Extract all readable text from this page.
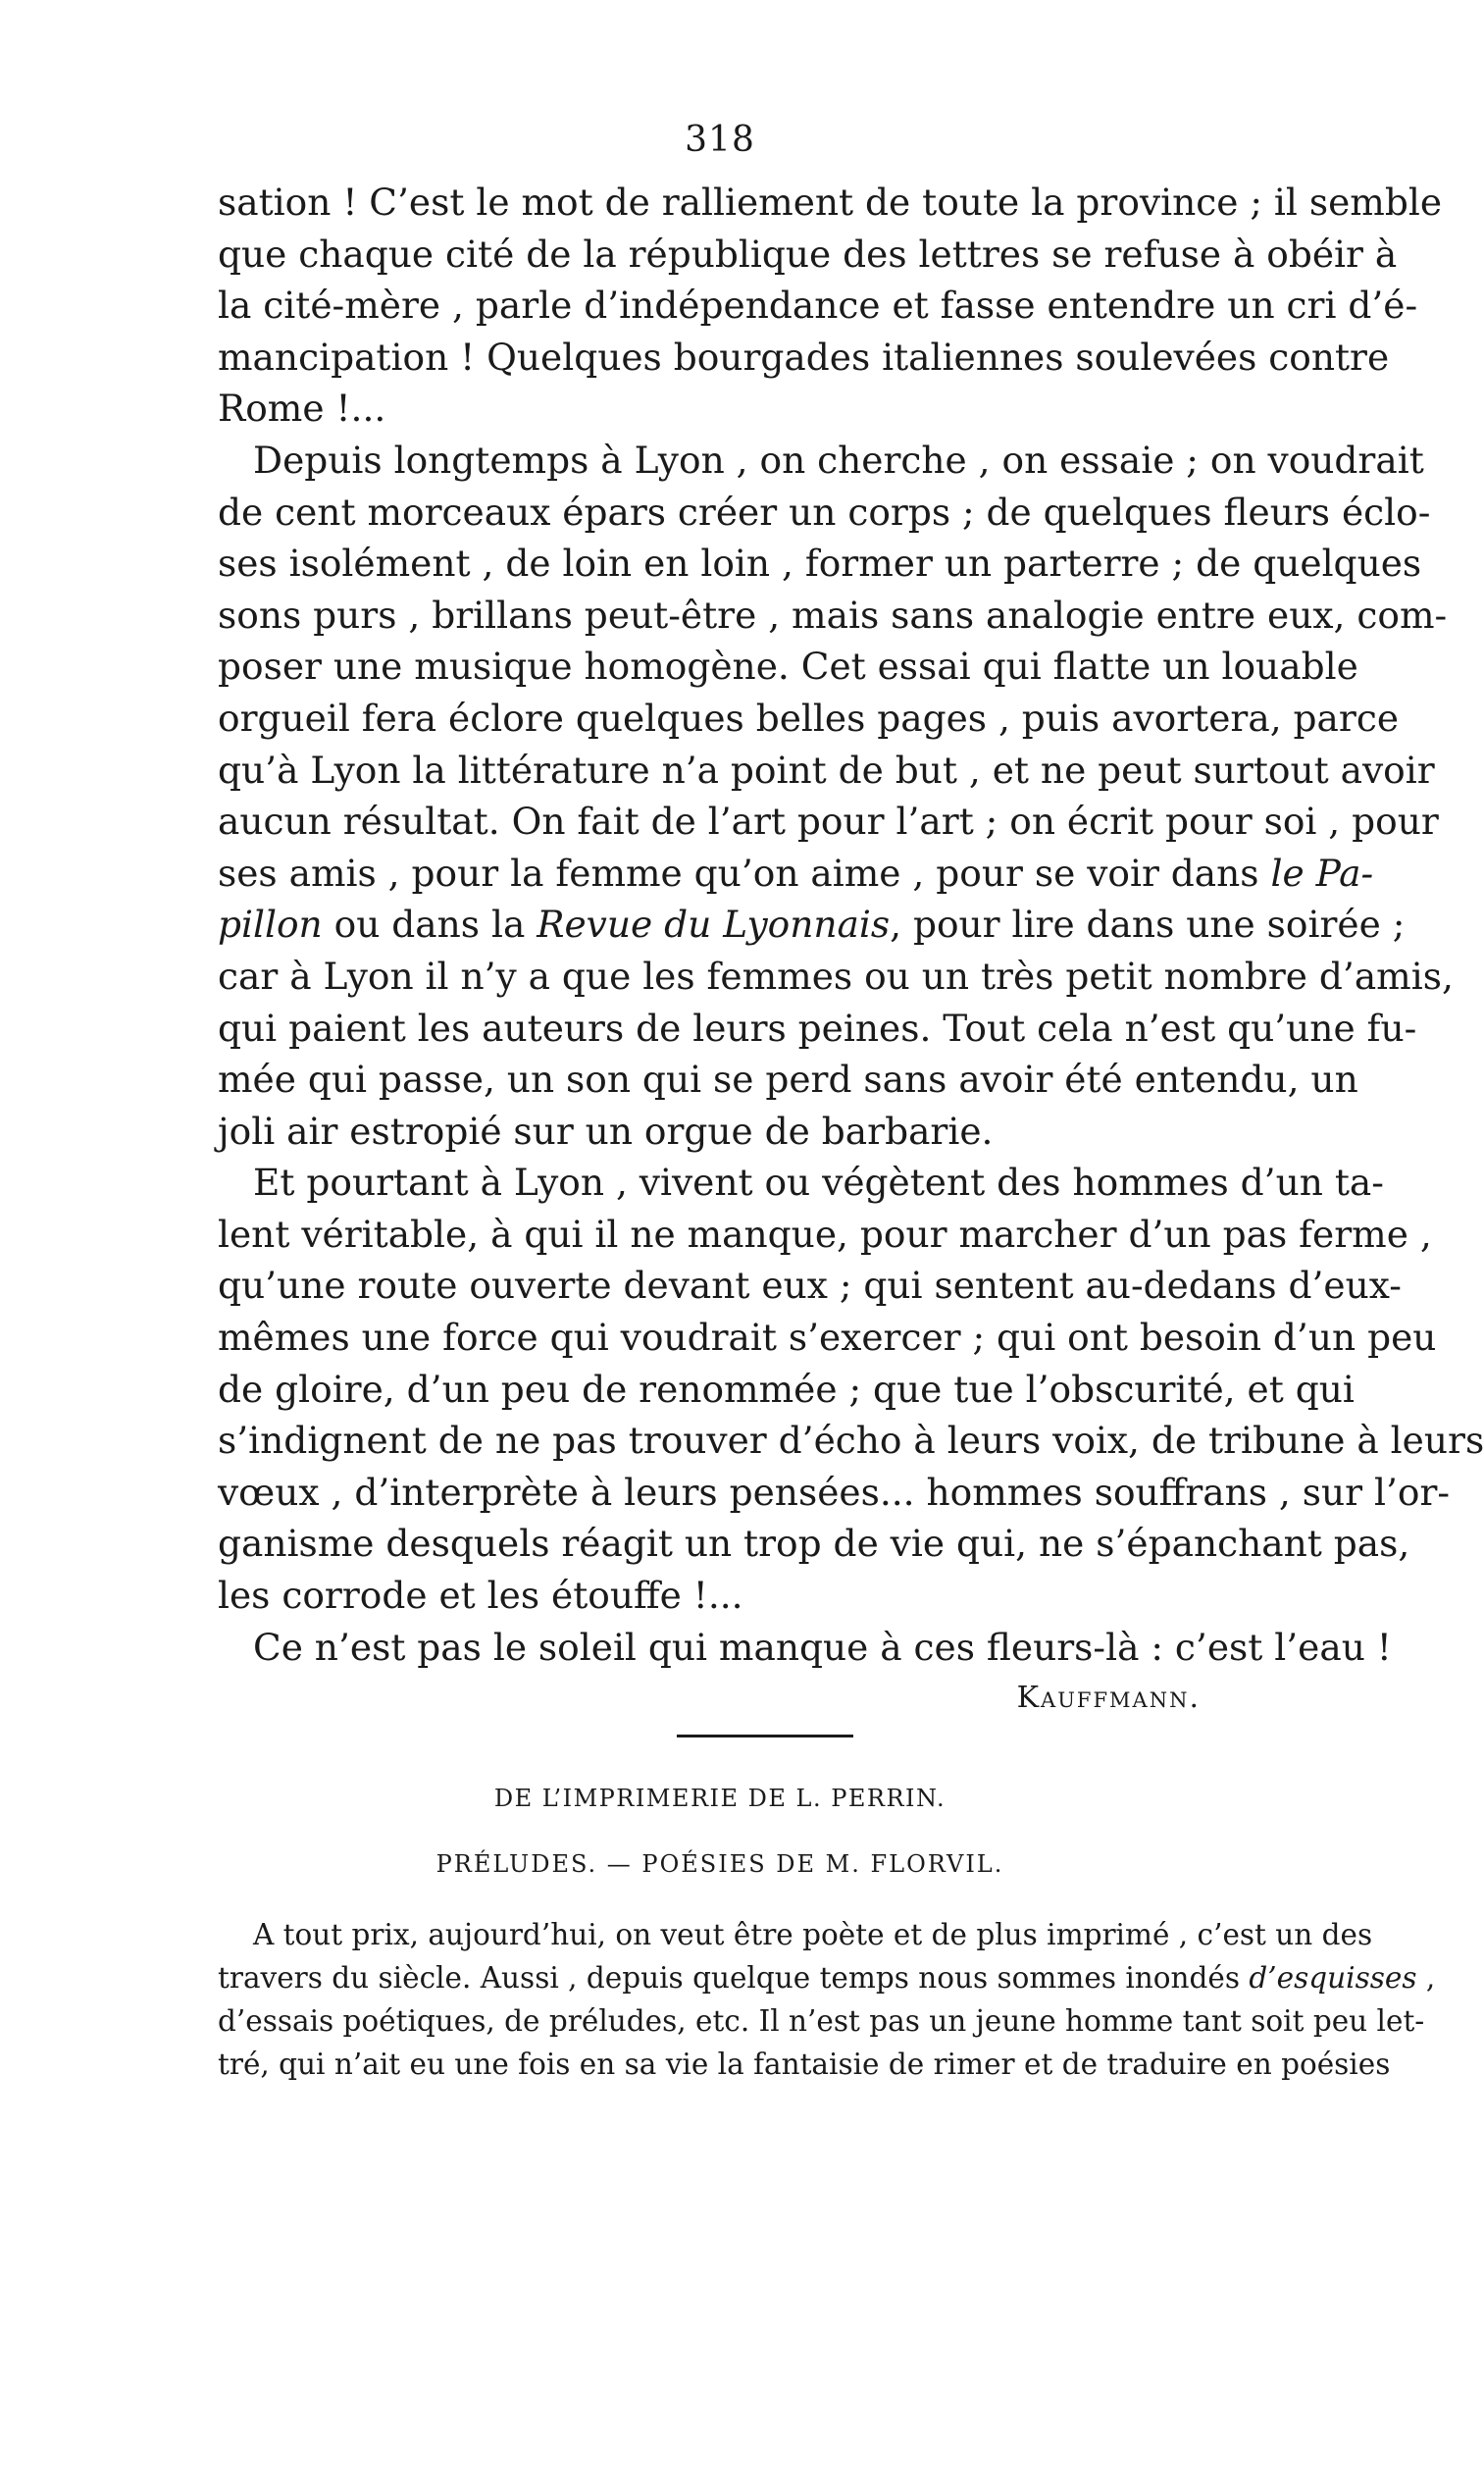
318
sation ! C’est le mot de ralliement de toute la province ; il semble
que chaque cité de la république des lettres se refuse à obéir à
la cité-mère , parle d’indépendance et fasse entendre un cri d’é-
mancipation ! Quelques bourgades italiennes soulevées contre
Rome !...
Depuis longtemps à Lyon , on cherche , on essaie ; on voudrait
de cent morceaux épars créer un corps ; de quelques fleurs éclo-
ses isolément , de loin en loin , former un parterre ; de quelques
sons purs , brillans peut-être , mais sans analogie entre eux, com-
poser une musique homogène. Cet essai qui flatte un louable
orgueil fera éclore quelques belles pages , puis avortera, parce
qu’à Lyon la littérature n’a point de but , et ne peut surtout avoir
aucun résultat. On fait de l’art pour l’art ; on écrit pour soi , pour
ses amis , pour la femme qu’on aime , pour se voir dans le Pa-
pillon ou dans la Revue du Lyonnais, pour lire dans une soirée ;
car à Lyon il n’y a que les femmes ou un très petit nombre d’amis,
qui paient les auteurs de leurs peines. Tout cela n’est qu’une fu-
mée qui passe, un son qui se perd sans avoir été entendu, un
joli air estropié sur un orgue de barbarie.
Et pourtant à Lyon , vivent ou végètent des hommes d’un ta-
lent véritable, à qui il ne manque, pour marcher d’un pas ferme ,
qu’une route ouverte devant eux ; qui sentent au-dedans d’eux-
mêmes une force qui voudrait s’exercer ; qui ont besoin d’un peu
de gloire, d’un peu de renommée ; que tue l’obscurité, et qui
s’indignent de ne pas trouver d’écho à leurs voix, de tribune à leurs
vœux , d’interprète à leurs pensées... hommes souffrans , sur l’or-
ganisme desquels réagit un trop de vie qui, ne s’épanchant pas,
les corrode et les étouffe !...
Ce n’est pas le soleil qui manque à ces fleurs-là : c’est l’eau !
Kauffmann.
DE L’IMPRIMERIE DE L. PERRIN.
PRÉLUDES. — POÉSIES DE M. FLORVIL.
A tout prix, aujourd’hui, on veut être poète et de plus imprimé , c’est un des
travers du siècle. Aussi , depuis quelque temps nous sommes inondés d’esquisses ,
d’essais poétiques, de préludes, etc. Il n’est pas un jeune homme tant soit peu let-
tré, qui n’ait eu une fois en sa vie la fantaisie de rimer et de traduire en poésies
